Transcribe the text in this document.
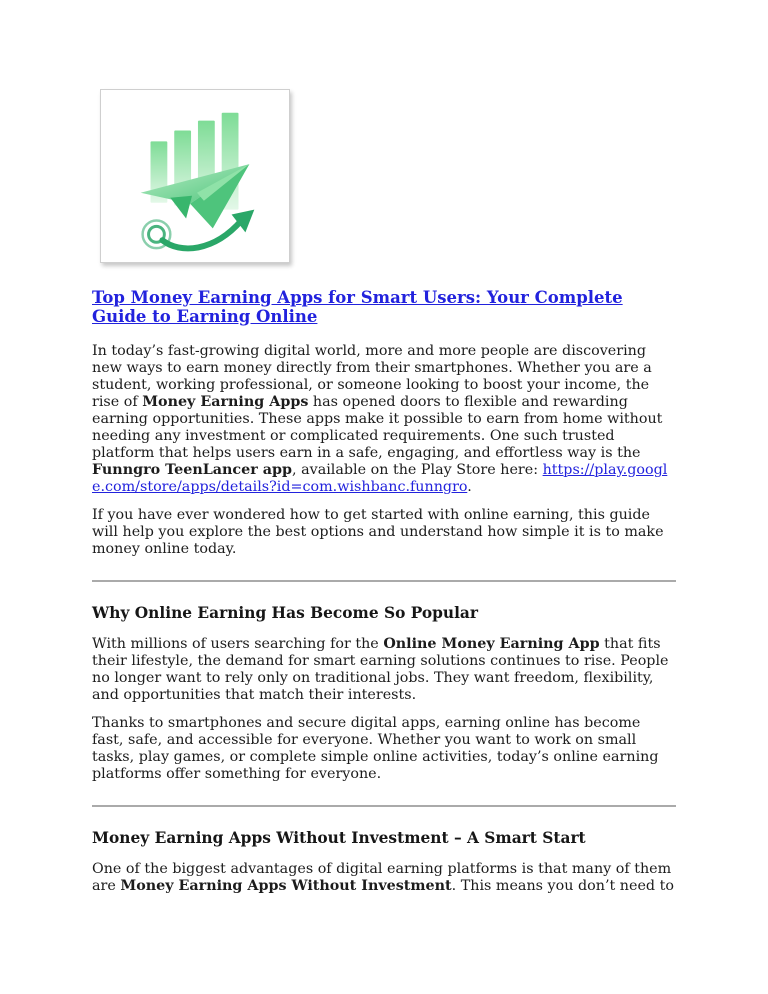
Top Money Earning Apps for Smart Users: Your Complete Guide to Earning Online

In today’s fast-growing digital world, more and more people are discovering new ways to earn money directly from their smartphones. Whether you are a student, working professional, or someone looking to boost your income, the rise of Money Earning Apps has opened doors to flexible and rewarding earning opportunities. These apps make it possible to earn from home without needing any investment or complicated requirements. One such trusted platform that helps users earn in a safe, engaging, and effortless way is the Funngro TeenLancer app, available on the Play Store here: https://play.google.com/store/apps/details?id=com.wishbanc.funngro.

If you have ever wondered how to get started with online earning, this guide will help you explore the best options and understand how simple it is to make money online today.

Why Online Earning Has Become So Popular

With millions of users searching for the Online Money Earning App that fits their lifestyle, the demand for smart earning solutions continues to rise. People no longer want to rely only on traditional jobs. They want freedom, flexibility, and opportunities that match their interests.

Thanks to smartphones and secure digital apps, earning online has become fast, safe, and accessible for everyone. Whether you want to work on small tasks, play games, or complete simple online activities, today’s online earning platforms offer something for everyone.

Money Earning Apps Without Investment – A Smart Start

One of the biggest advantages of digital earning platforms is that many of them are Money Earning Apps Without Investment. This means you don’t need to
